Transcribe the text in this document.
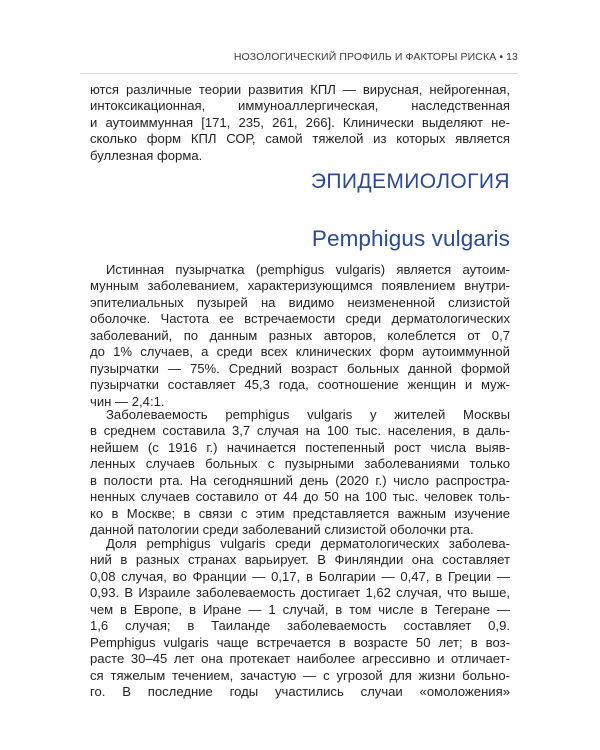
НОЗОЛОГИЧЕСКИЙ ПРОФИЛЬ И ФАКТОРЫ РИСКА • 13
ются различные теории развития КПЛ — вирусная, нейрогенная,
интоксикационная, иммуноаллергическая, наследственная
и аутоиммунная [171, 235, 261, 266]. Клинически выделяют не-
сколько форм КПЛ СОР, самой тяжелой из которых является
буллезная форма.
ЭПИДЕМИОЛОГИЯ
Pemphigus vulgaris
Истинная пузырчатка (pemphigus vulgaris) является аутоим-
мунным заболеванием, характеризующимся появлением внутри-
эпителиальных пузырей на видимо неизмененной слизистой
оболочке. Частота ее встречаемости среди дерматологических
заболеваний, по данным разных авторов, колеблется от 0,7
до 1% случаев, а среди всех клинических форм аутоиммунной
пузырчатки — 75%. Средний возраст больных данной формой
пузырчатки составляет 45,3 года, соотношение женщин и муж-
чин — 2,4:1.
Заболеваемость pemphigus vulgaris у жителей Москвы
в среднем составила 3,7 случая на 100 тыс. населения, в даль-
нейшем (с 1916 г.) начинается постепенный рост числа выяв-
ленных случаев больных с пузырными заболеваниями только
в полости рта. На сегодняшний день (2020 г.) число распростра-
ненных случаев составило от 44 до 50 на 100 тыс. человек толь-
ко в Москве; в связи с этим представляется важным изучение
данной патологии среди заболеваний слизистой оболочки рта.
Доля pemphigus vulgaris среди дерматологических заболева-
ний в разных странах варьирует. В Финляндии она составляет
0,08 случая, во Франции — 0,17, в Болгарии — 0,47, в Греции —
0,93. В Израиле заболеваемость достигает 1,62 случая, что выше,
чем в Европе, в Иране — 1 случай, в том числе в Тегеране —
1,6 случая; в Таиланде заболеваемость составляет 0,9.
Pemphigus vulgaris чаще встречается в возрасте 50 лет; в воз-
расте 30–45 лет она протекает наиболее агрессивно и отличает-
ся тяжелым течением, зачастую — с угрозой для жизни больно-
го. В последние годы участились случаи «омоложения»
